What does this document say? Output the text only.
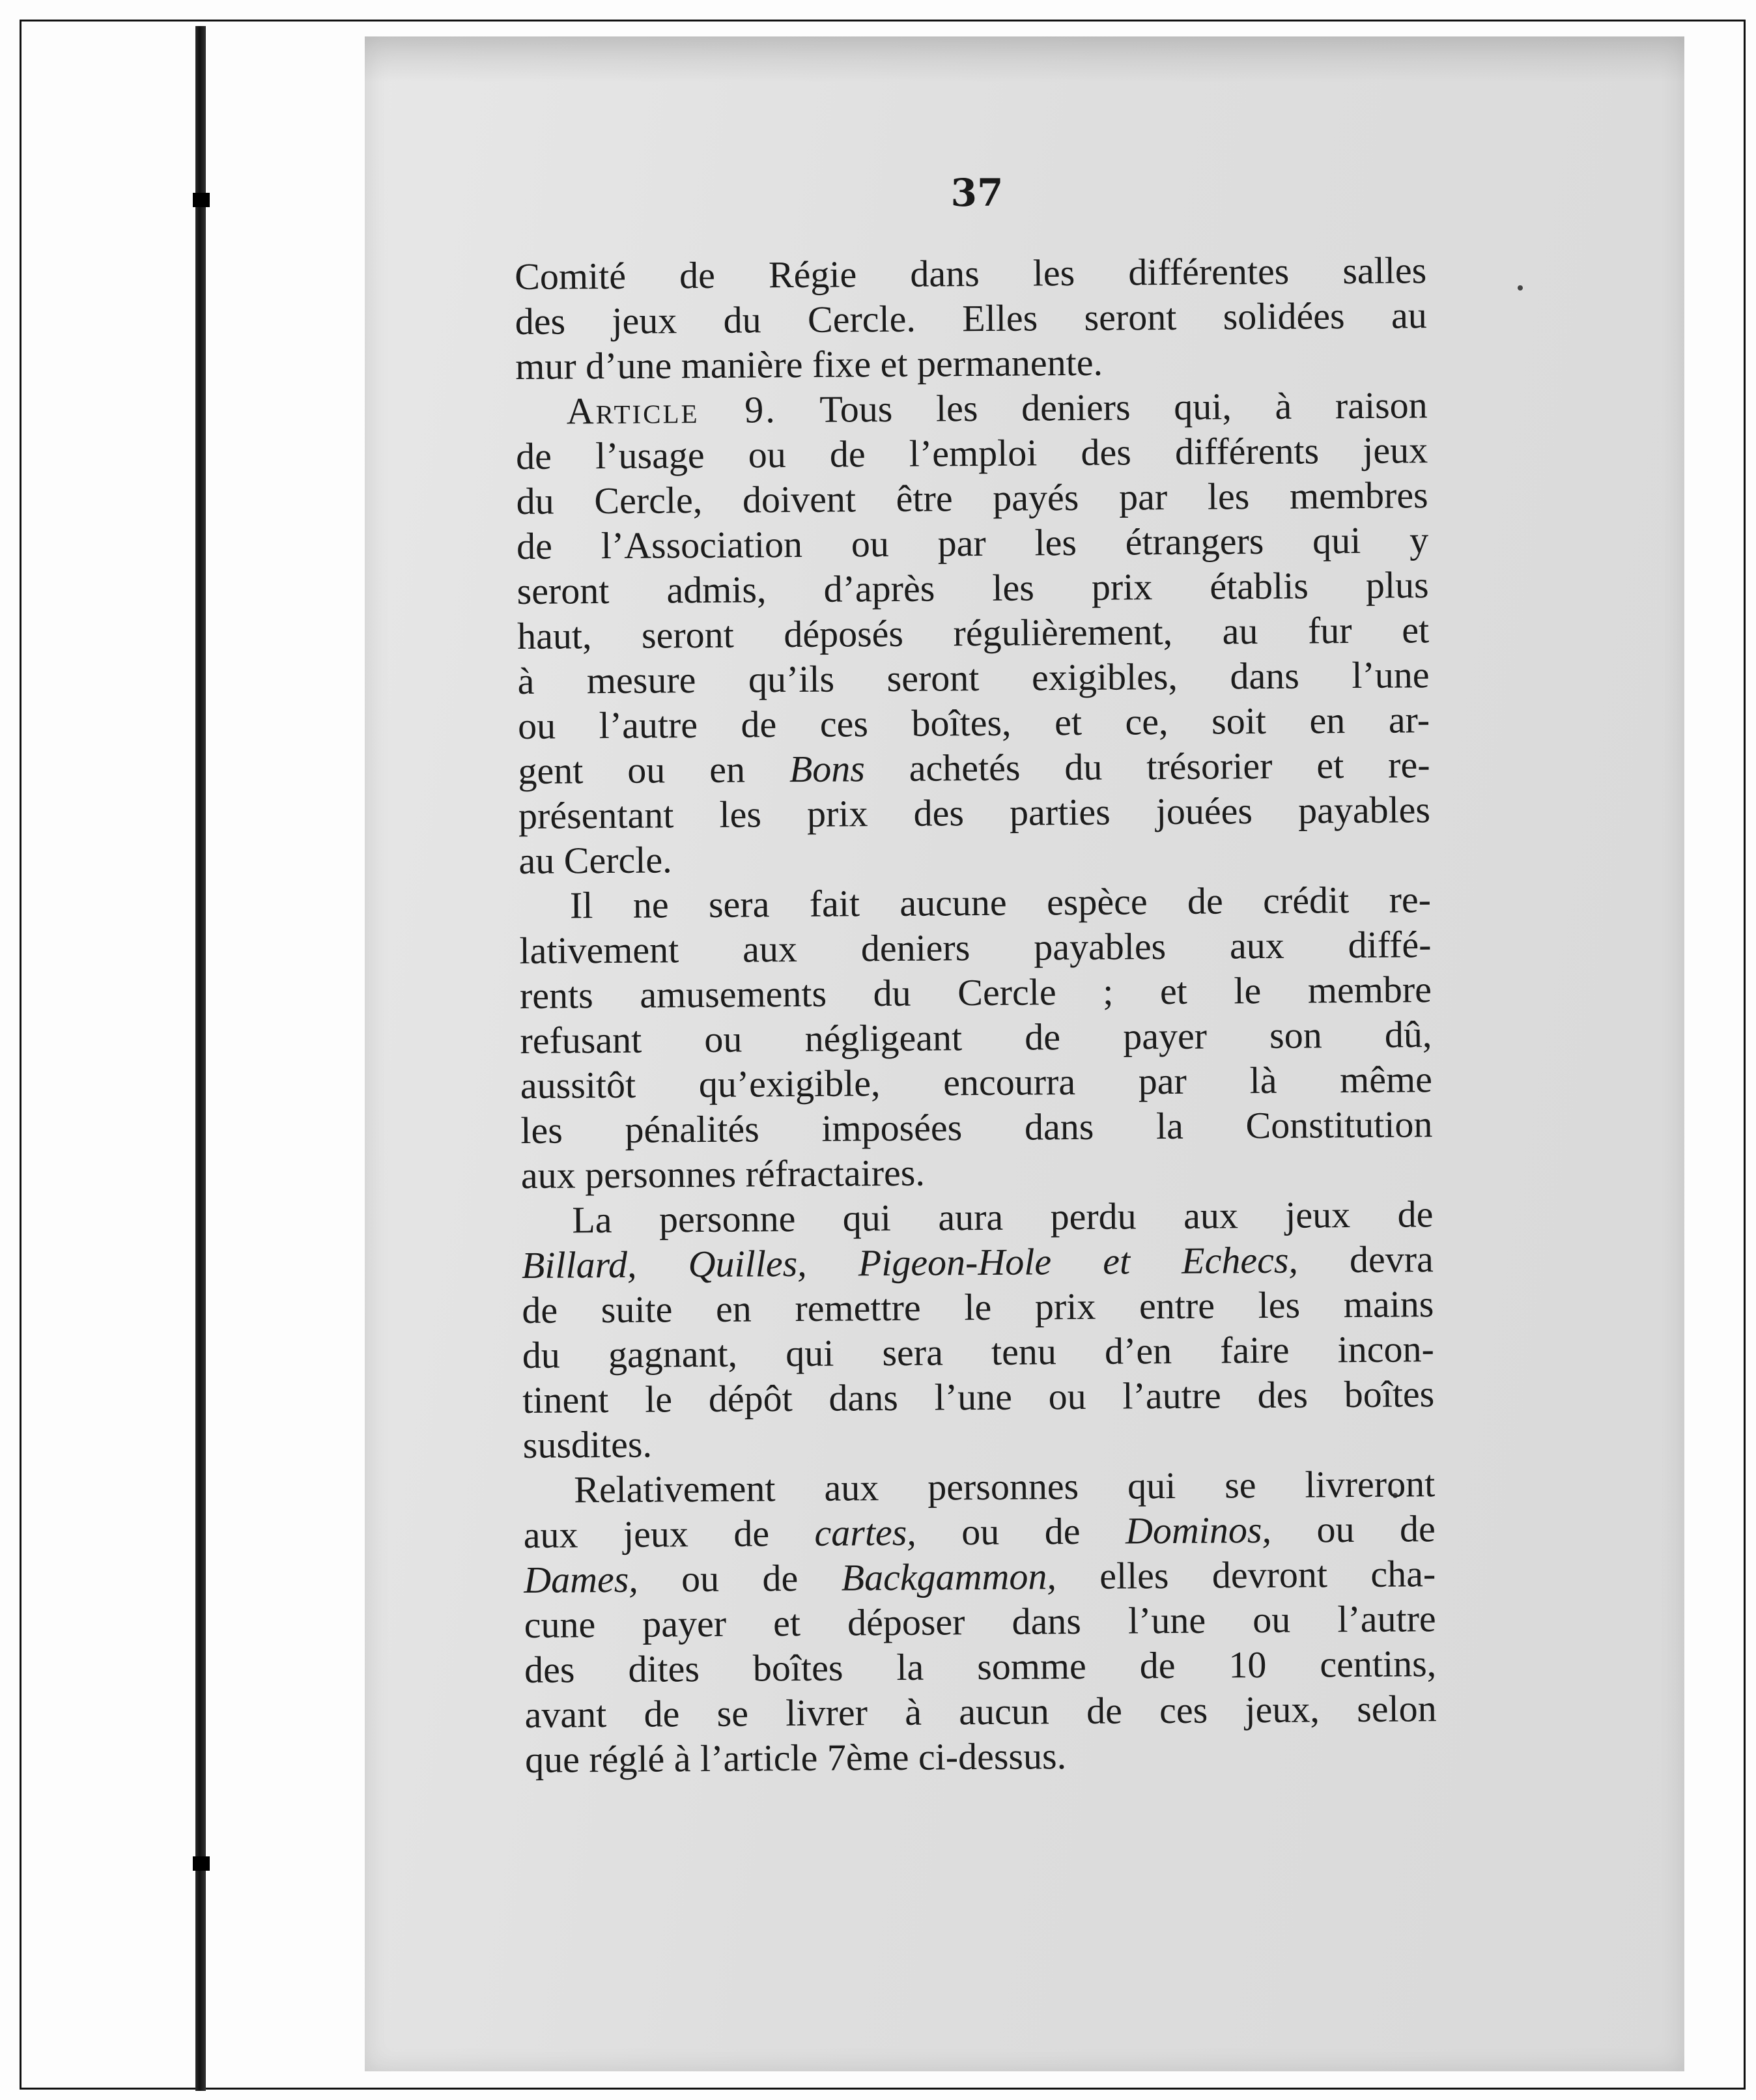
37
Comité de Régie dans les différentes salles
des jeux du Cercle. Elles seront solidées au
mur d’une manière fixe et permanente.
Article 9. Tous les deniers qui, à raison
de l’usage ou de l’emploi des différents jeux
du Cercle, doivent être payés par les membres
de l’Association ou par les étrangers qui y
seront admis, d’après les prix établis plus
haut, seront déposés régulièrement, au fur et
à mesure qu’ils seront exigibles, dans l’une
ou l’autre de ces boîtes, et ce, soit en ar-
gent ou en Bons achetés du trésorier et re-
présentant les prix des parties jouées payables
au Cercle.
Il ne sera fait aucune espèce de crédit re-
lativement aux deniers payables aux diffé-
rents amusements du Cercle ; et le membre
refusant ou négligeant de payer son dû,
aussitôt qu’exigible, encourra par là même
les pénalités imposées dans la Constitution
aux personnes réfractaires.
La personne qui aura perdu aux jeux de
Billard, Quilles, Pigeon-Hole et Echecs, devra
de suite en remettre le prix entre les mains
du gagnant, qui sera tenu d’en faire incon-
tinent le dépôt dans l’une ou l’autre des boîtes
susdites.
Relativement aux personnes qui se livreront
aux jeux de cartes, ou de Dominos, ou de
Dames, ou de Backgammon, elles devront cha-
cune payer et déposer dans l’une ou l’autre
des dites boîtes la somme de 10 centins,
avant de se livrer à aucun de ces jeux, selon
que réglé à l’article 7ème ci-dessus.
